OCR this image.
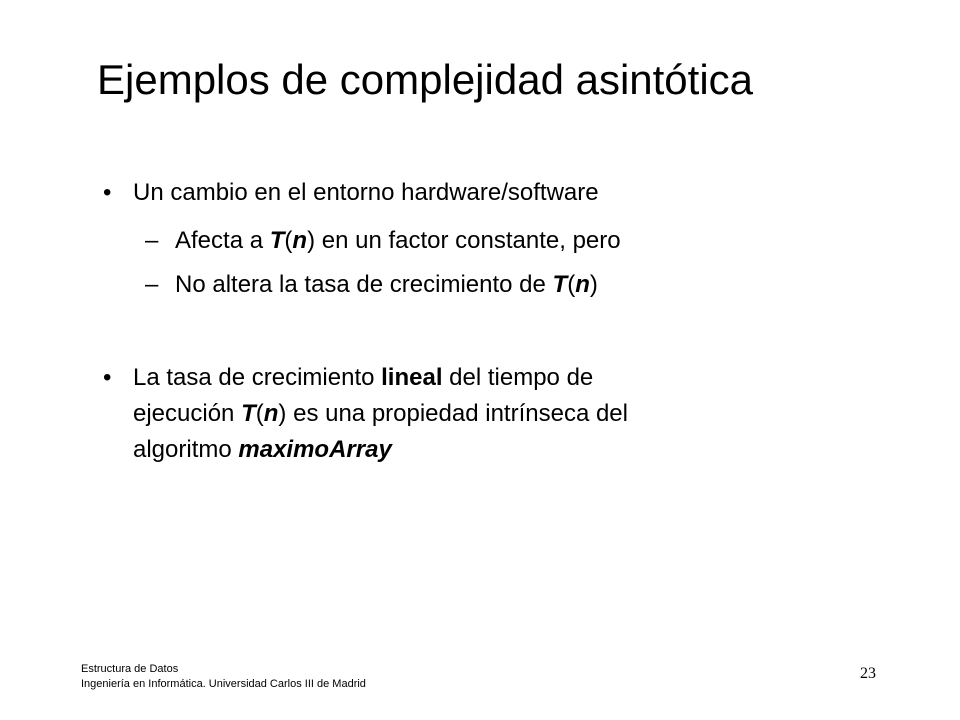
Ejemplos de complejidad asintótica
• Un cambio en el entorno hardware/software
– Afecta a T(n) en un factor constante, pero
– No altera la tasa de crecimiento de T(n)
• La tasa de crecimiento lineal del tiempo de
ejecución T(n) es una propiedad intrínseca del
algoritmo maximoArray
Estructura de Datos
Ingeniería en Informática. Universidad Carlos III de Madrid
23
